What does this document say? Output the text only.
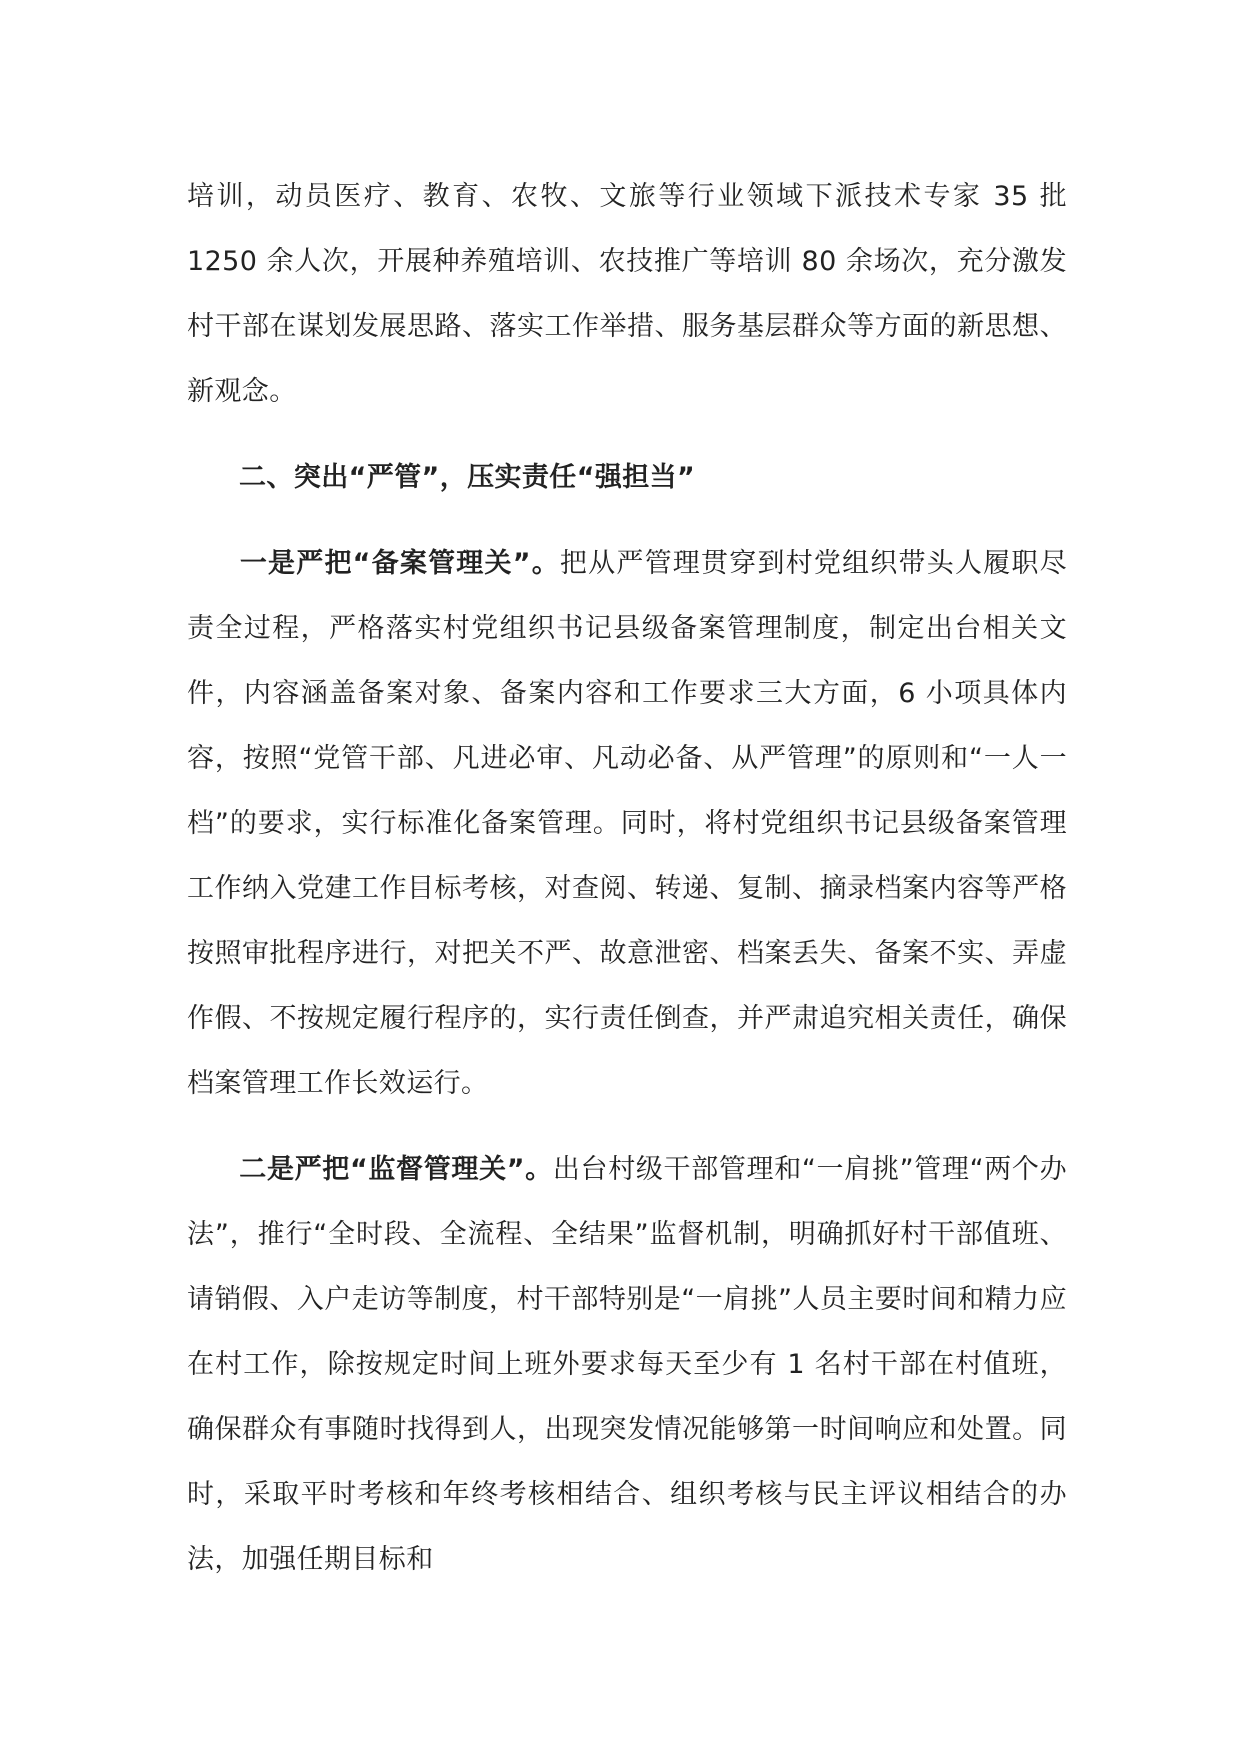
培训，动员医疗、教育、农牧、文旅等行业领域下派技术专家 35 批 1250 余人次，开展种养殖培训、农技推广等培训 80 余场次，充分激发村干部在谋划发展思路、落实工作举措、服务基层群众等方面的新思想、新观念。

二、突出“严管”，压实责任“强担当”

一是严把“备案管理关”。把从严管理贯穿到村党组织带头人履职尽责全过程，严格落实村党组织书记县级备案管理制度，制定出台相关文件，内容涵盖备案对象、备案内容和工作要求三大方面，6 小项具体内容，按照“党管干部、凡进必审、凡动必备、从严管理”的原则和“一人一档”的要求，实行标准化备案管理。同时，将村党组织书记县级备案管理工作纳入党建工作目标考核，对查阅、转递、复制、摘录档案内容等严格按照审批程序进行，对把关不严、故意泄密、档案丢失、备案不实、弄虚作假、不按规定履行程序的，实行责任倒查，并严肃追究相关责任，确保档案管理工作长效运行。

二是严把“监督管理关”。出台村级干部管理和“一肩挑”管理“两个办法”，推行“全时段、全流程、全结果”监督机制，明确抓好村干部值班、请销假、入户走访等制度，村干部特别是“一肩挑”人员主要时间和精力应在村工作，除按规定时间上班外要求每天至少有 1 名村干部在村值班，确保群众有事随时找得到人，出现突发情况能够第一时间响应和处置。同时，采取平时考核和年终考核相结合、组织考核与民主评议相结合的办法，加强任期目标和
